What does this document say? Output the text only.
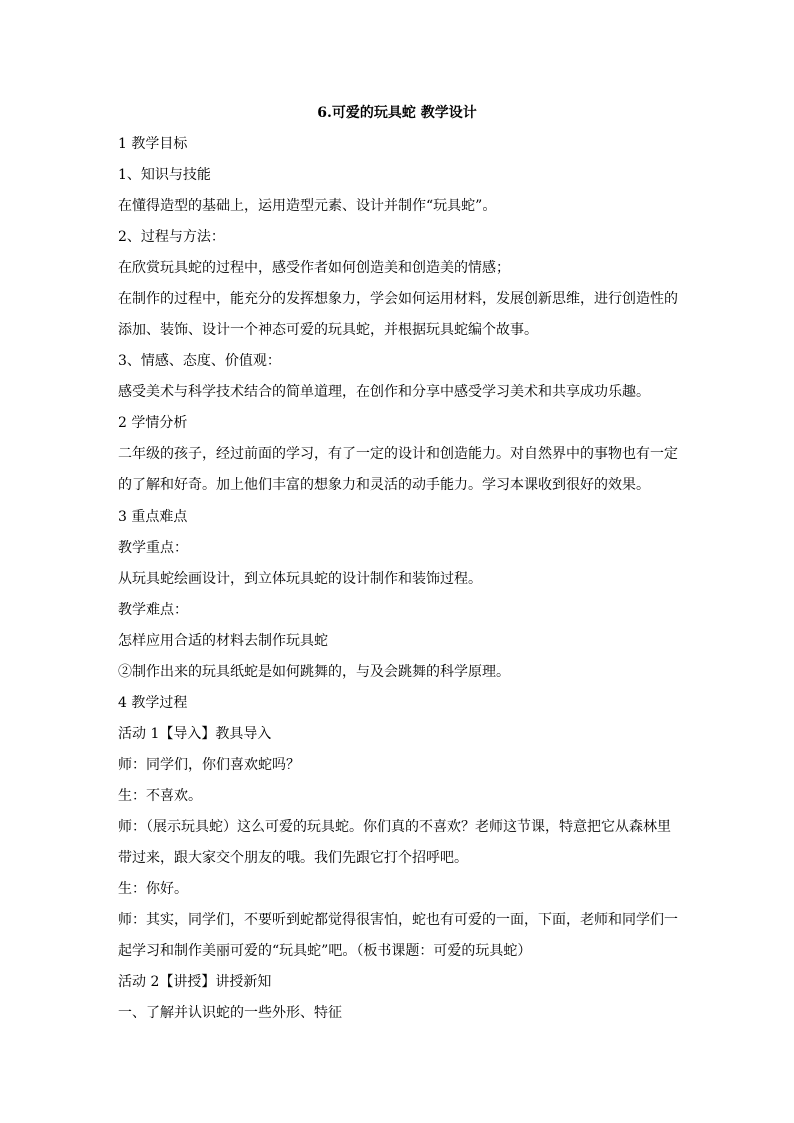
6.可爱的玩具蛇 教学设计
1 教学目标
1、知识与技能
在懂得造型的基础上，运用造型元素、设计并制作“玩具蛇”。
2、过程与方法：
在欣赏玩具蛇的过程中，感受作者如何创造美和创造美的情感；
在制作的过程中，能充分的发挥想象力，学会如何运用材料，发展创新思维，进行创造性的
添加、装饰、设计一个神态可爱的玩具蛇，并根据玩具蛇编个故事。
3、情感、态度、价值观：
感受美术与科学技术结合的简单道理，在创作和分享中感受学习美术和共享成功乐趣。
2 学情分析
二年级的孩子，经过前面的学习，有了一定的设计和创造能力。对自然界中的事物也有一定
的了解和好奇。加上他们丰富的想象力和灵活的动手能力。学习本课收到很好的效果。
3 重点难点
教学重点：
从玩具蛇绘画设计，到立体玩具蛇的设计制作和装饰过程。
教学难点：
怎样应用合适的材料去制作玩具蛇
②制作出来的玩具纸蛇是如何跳舞的，与及会跳舞的科学原理。
4 教学过程
活动 1【导入】教具导入
师：同学们，你们喜欢蛇吗？
生：不喜欢。
师：（展示玩具蛇）这么可爱的玩具蛇。你们真的不喜欢？老师这节课，特意把它从森林里
带过来，跟大家交个朋友的哦。我们先跟它打个招呼吧。
生：你好。
师：其实，同学们，不要听到蛇都觉得很害怕，蛇也有可爱的一面，下面，老师和同学们一
起学习和制作美丽可爱的“玩具蛇”吧。（板书课题：可爱的玩具蛇）
活动 2【讲授】讲授新知
一、了解并认识蛇的一些外形、特征
